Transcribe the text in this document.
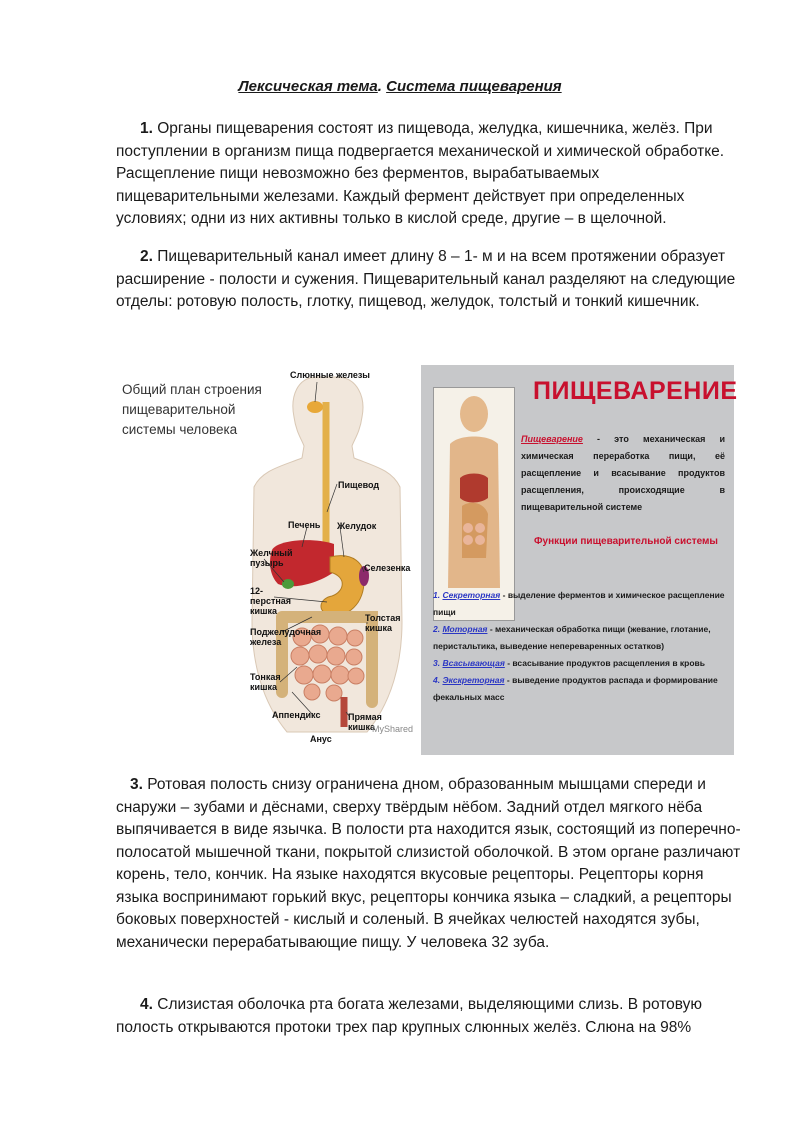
Лексическая тема. Система пищеварения
1. Органы пищеварения состоят из пищевода, желудка, кишечника, желёз. При поступлении в организм пища подвергается механической и химической обработке. Расщепление пищи невозможно без ферментов, вырабатываемых пищеварительными железами. Каждый фермент действует при определенных условиях; одни из них активны только в кислой среде, другие – в щелочной.
2. Пищеварительный канал имеет длину 8 – 1- м и на всем протяжении образует расширение - полости и сужения. Пищеварительный канал разделяют на следующие отделы: ротовую полость, глотку, пищевод, желудок, толстый и тонкий кишечник.
Общий план строения пищеварительной системы человека
Слюнные железы
Пищевод
Печень Желудок
Желчный пузырь	Селезенка
12-перстная кишка
Толстая кишка
Поджелудочная железа
Тонкая кишка
Аппендикс	Прямая кишка
Анус
MyShared
ПИЩЕВАРЕНИЕ
Пищеварение - это механическая и химическая переработка пищи, её расщепление и всасывание продуктов расщепления, происходящие в пищеварительной системе
Функции пищеварительной системы
1. Секреторная - выделение ферментов и химическое расщепление пищи
2. Моторная - механическая обработка пищи (жевание, глотание, перистальтика, выведение непереваренных остатков)
3. Всасывающая - всасывание продуктов расщепления в кровь
4. Экскреторная - выведение продуктов распада и формирование фекальных масс
3. Ротовая полость снизу ограничена дном, образованным мышцами спереди и снаружи – зубами и дёснами, сверху твёрдым нёбом. Задний отдел мягкого нёба выпячивается в виде язычка. В полости рта находится язык, состоящий из поперечно-полосатой мышечной ткани, покрытой слизистой оболочкой. В этом органе различают корень, тело, кончик. На языке находятся вкусовые рецепторы. Рецепторы корня языка воспринимают горький вкус, рецепторы кончика языка – сладкий, а рецепторы боковых поверхностей - кислый и соленый. В ячейках челюстей находятся зубы, механически перерабатывающие пищу. У человека 32 зуба.
4. Слизистая оболочка рта богата железами, выделяющими слизь. В ротовую полость открываются протоки трех пар крупных слюнных желёз. Слюна на 98%
